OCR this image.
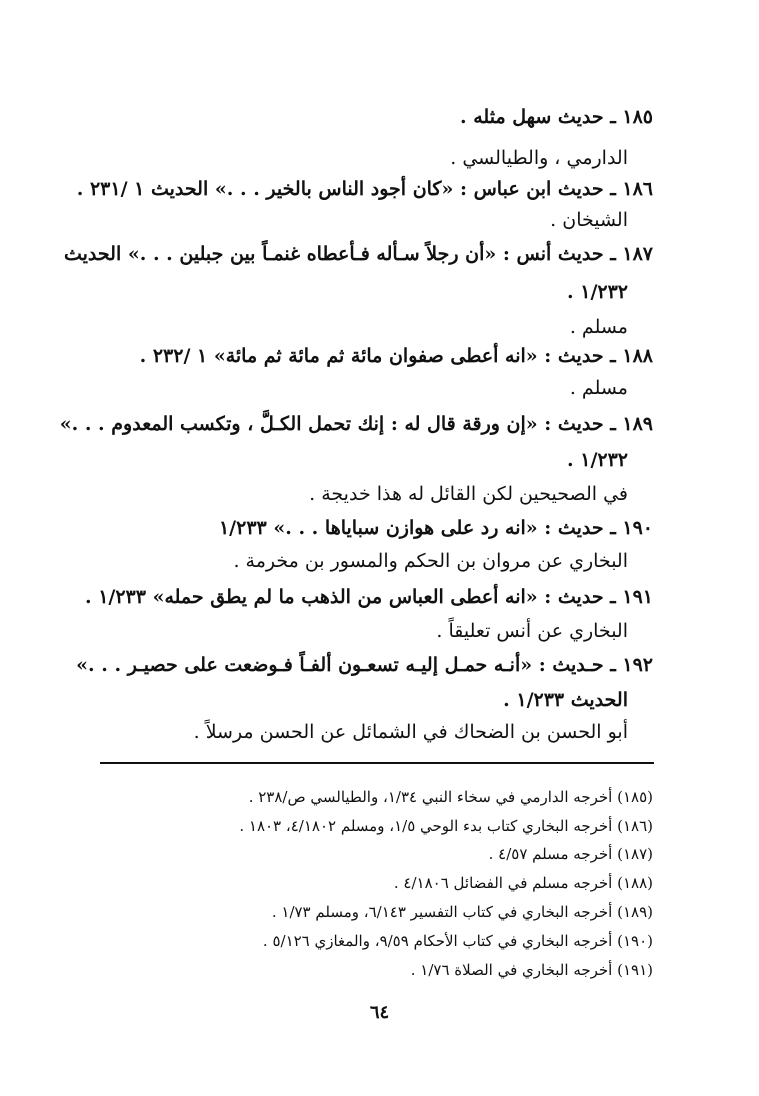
١٨٥ ـ حديث سهل مثله .
الدارمي ، والطيالسي .
١٨٦ ـ حديث ابن عباس : «كان أجود الناس بالخير . . .» الحديث ١ /٢٣١ .
الشيخان .
١٨٧ ـ حديث أنس : «أن رجلاً سـأله فـأعطاه غنمـاً بين جبلين . . .» الحديث
١/٢٣٢ .
مسلم .
١٨٨ ـ حديث : «انه أعطى صفوان مائة ثم مائة ثم مائة» ١ /٢٣٢ .
مسلم .
١٨٩ ـ حديث : «إن ورقة قال له : إنك تحمل الكـلَّ ، وتكسب المعدوم . . .»
١/٢٣٢ .
في الصحيحين لكن القائل له هذا خديجة .
١٩٠ ـ حديث : «انه رد على هوازن سباياها . . .» ١/٢٣٣
البخاري عن مروان بن الحكم والمسور بن مخرمة .
١٩١ ـ حديث : «انه أعطى العباس من الذهب ما لم يطق حمله» ١/٢٣٣ .
البخاري عن أنس تعليقاً .
١٩٢ ـ حـديث : «أنـه حمـل إليـه تسعـون ألفـاً فـوضعت على حصيـر . . .»
الحديث ١/٢٣٣ .
أبو الحسن بن الضحاك في الشمائل عن الحسن مرسلاً .
(١٨٥) أخرجه الدارمي في سخاء النبي ١/٣٤، والطيالسي ص/٢٣٨ .
(١٨٦) أخرجه البخاري كتاب بدء الوحي ١/٥، ومسلم ٤/١٨٠٢، ١٨٠٣ .
(١٨٧) أخرجه مسلم ٤/٥٧ .
(١٨٨) أخرجه مسلم في الفضائل ٤/١٨٠٦ .
(١٨٩) أخرجه البخاري في كتاب التفسير ٦/١٤٣، ومسلم ١/٧٣ .
(١٩٠) أخرجه البخاري في كتاب الأحكام ٩/٥٩، والمغازي ٥/١٢٦ .
(١٩١) أخرجه البخاري في الصلاة ١/٧٦ .
٦٤
